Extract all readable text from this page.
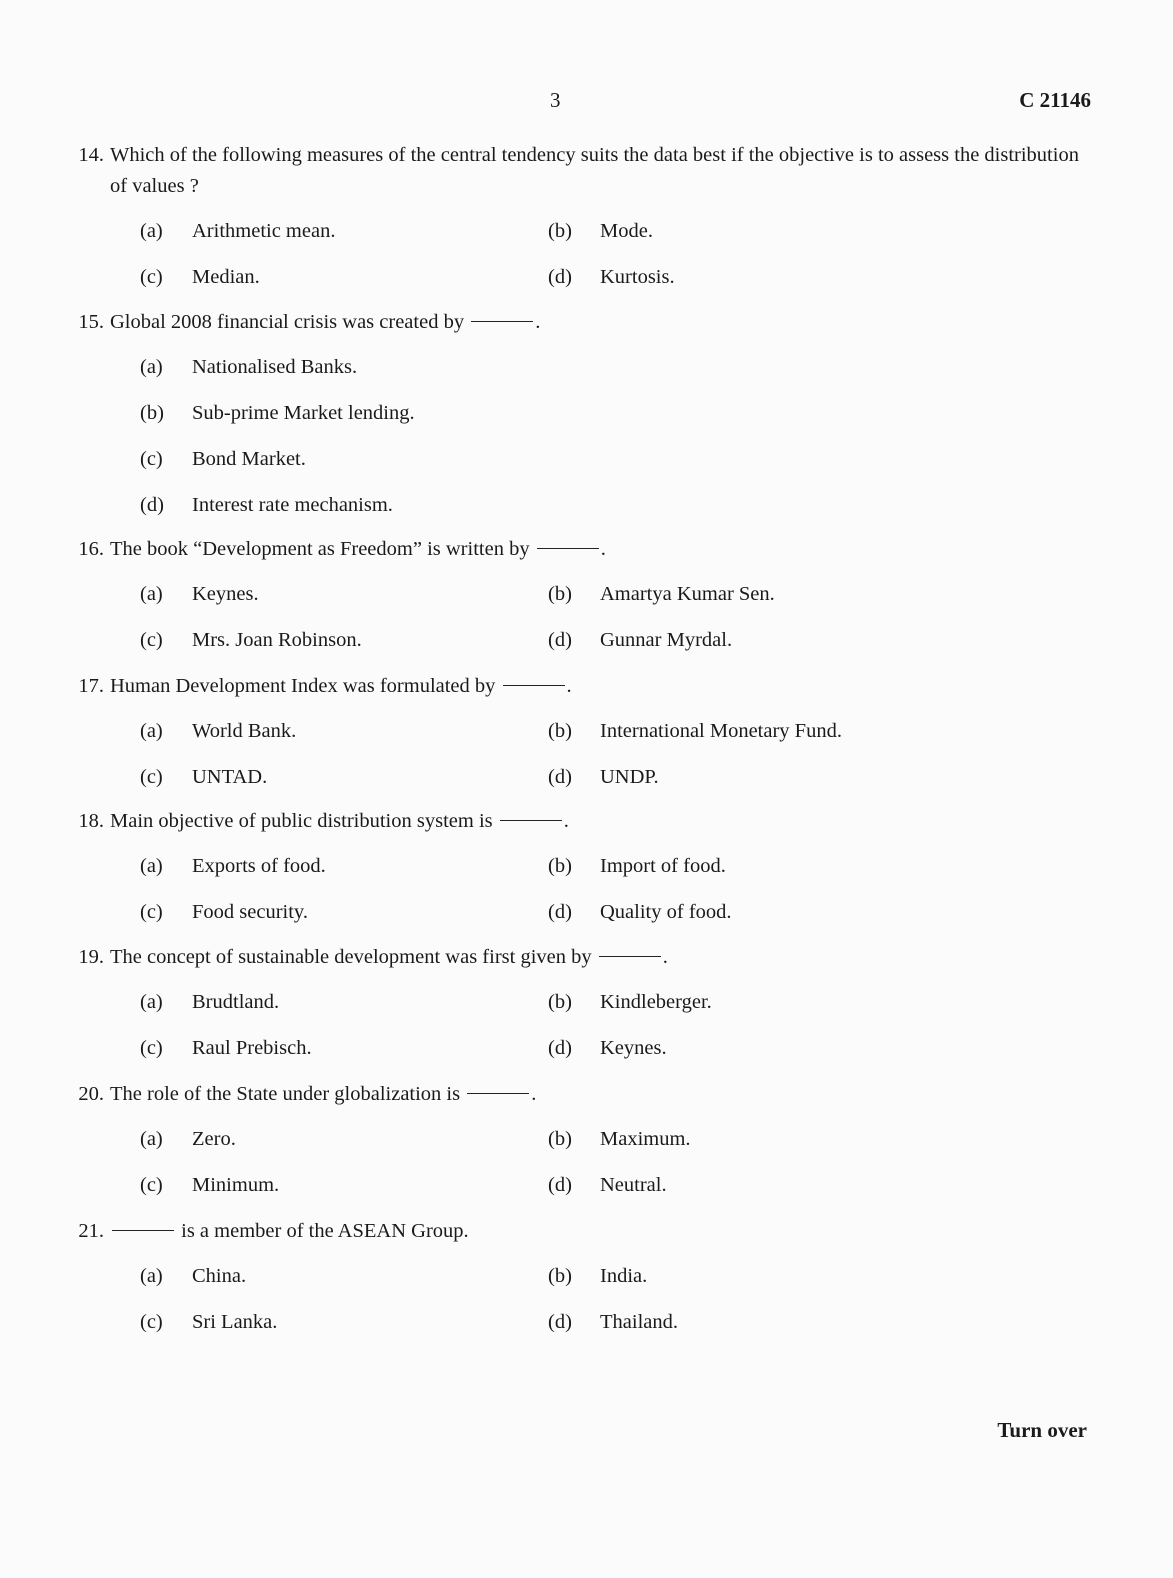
3	C 21146

14. Which of the following measures of the central tendency suits the data best if the objective is to assess the distribution of values ?
(a) Arithmetic mean.	(b) Mode.
(c) Median.	(d) Kurtosis.
15. Global 2008 financial crisis was created by	.
(a) Nationalised Banks.
(b) Sub-prime Market lending.
(c) Bond Market.
(d) Interest rate mechanism.
16. The book “Development as Freedom” is written by	.
(a) Keynes.	(b) Amartya Kumar Sen.
(c) Mrs. Joan Robinson.	(d) Gunnar Myrdal.
17. Human Development Index was formulated by	.
(a) World Bank.	(b) International Monetary Fund.
(c) UNTAD.	(d) UNDP.
18. Main objective of public distribution system is	.
(a) Exports of food.	(b) Import of food.
(c) Food security.	(d) Quality of food.
19. The concept of sustainable development was first given by	.
(a) Brudtland.	(b) Kindleberger.
(c) Raul Prebisch.	(d) Keynes.
20. The role of the State under globalization is	.
(a) Zero.	(b) Maximum.
(c) Minimum.	(d) Neutral.
21.	is a member of the ASEAN Group.
(a) China.	(b) India.
(c) Sri Lanka.	(d) Thailand.
Turn over
